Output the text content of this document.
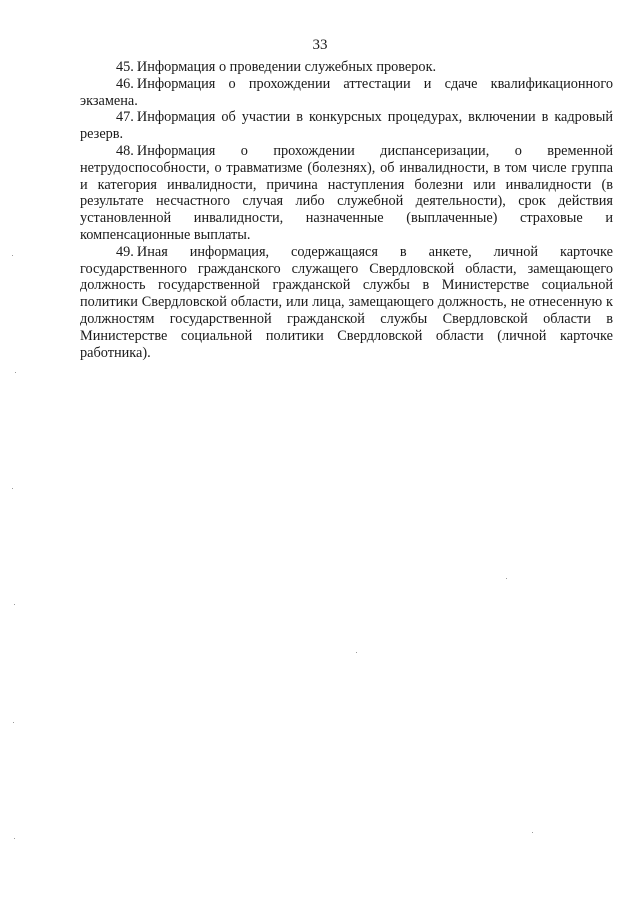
33

45. Информация о проведении служебных проверок.

46. Информация о прохождении аттестации и сдаче квалификационного экзамена.

47. Информация об участии в конкурсных процедурах, включении в кадровый резерв.

48. Информация о прохождении диспансеризации, о временной нетрудоспособности, о травматизме (болезнях), об инвалидности, в том числе группа и категория инвалидности, причина наступления болезни или инвалидности (в результате несчастного случая либо служебной деятельности), срок действия установленной инвалидности, назначенные (выплаченные) страховые и компенсационные выплаты.

49. Иная информация, содержащаяся в анкете, личной карточке государственного гражданского служащего Свердловской области, замещающего должность государственной гражданской службы в Министерстве социальной политики Свердловской области, или лица, замещающего должность, не отнесенную к должностям государственной гражданской службы Свердловской области в Министерстве социальной политики Свердловской области (личной карточке работника).
